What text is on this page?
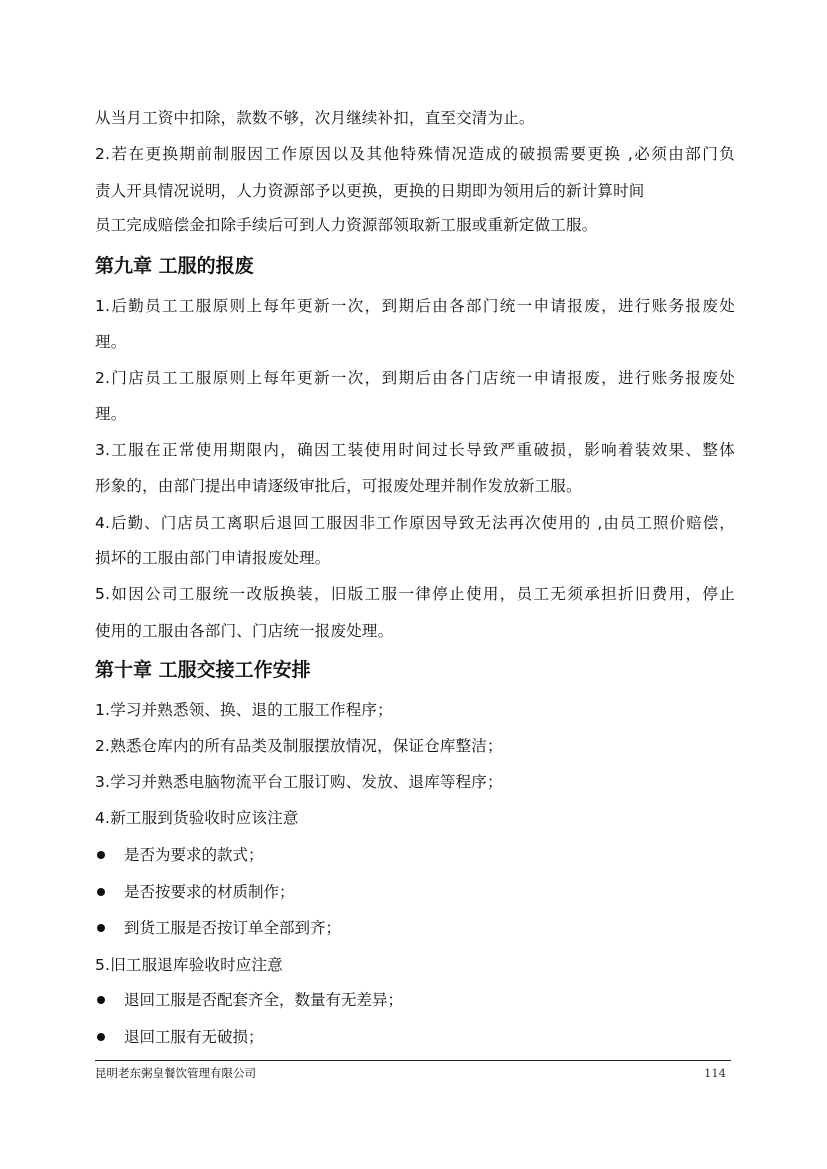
从当月工资中扣除，款数不够，次月继续补扣，直至交清为止。
2.若在更换期前制服因工作原因以及其他特殊情况造成的破损需要更换 ,必须由部门负
责人开具情况说明，人力资源部予以更换，更换的日期即为领用后的新计算时间
员工完成赔偿金扣除手续后可到人力资源部领取新工服或重新定做工服。
第九章 工服的报废
1.后勤员工工服原则上每年更新一次，到期后由各部门统一申请报废，进行账务报废处
理。
2.门店员工工服原则上每年更新一次，到期后由各门店统一申请报废，进行账务报废处
理。
3.工服在正常使用期限内，确因工装使用时间过长导致严重破损，影响着装效果、整体
形象的，由部门提出申请逐级审批后，可报废处理并制作发放新工服。
4.后勤、门店员工离职后退回工服因非工作原因导致无法再次使用的 ,由员工照价赔偿，
损坏的工服由部门申请报废处理。
5.如因公司工服统一改版换装，旧版工服一律停止使用，员工无须承担折旧费用，停止
使用的工服由各部门、门店统一报废处理。
第十章 工服交接工作安排
1.学习并熟悉领、换、退的工服工作程序；
2.熟悉仓库内的所有品类及制服摆放情况，保证仓库整洁；
3.学习并熟悉电脑物流平台工服订购、发放、退库等程序；
4.新工服到货验收时应该注意
是否为要求的款式；
是否按要求的材质制作；
到货工服是否按订单全部到齐；
5.旧工服退库验收时应注意
退回工服是否配套齐全，数量有无差异；
退回工服有无破损；
昆明老东粥皇餐饮管理有限公司	114
